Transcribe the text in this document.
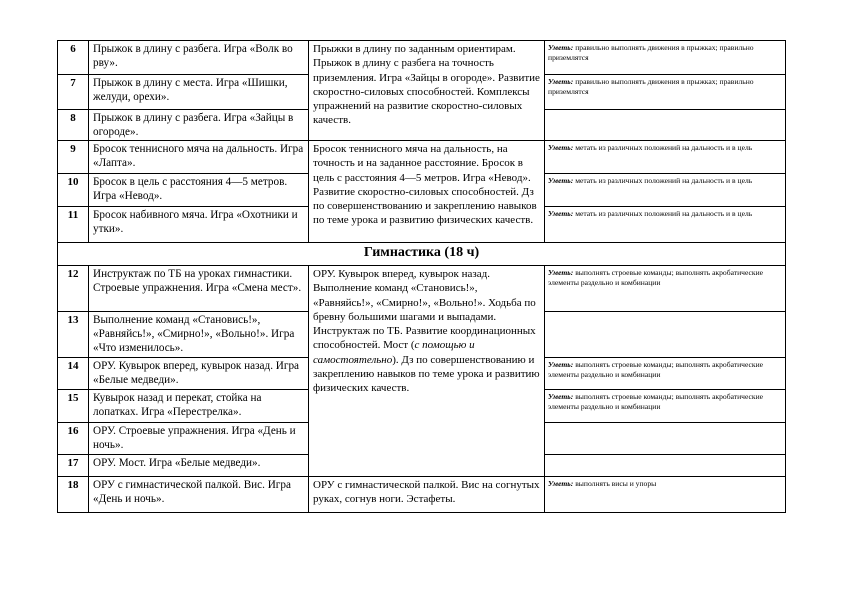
6	Прыжок в длину с разбега. Игра «Волк во рву».	Прыжки в длину по заданным ориентирам. Прыжок в длину с разбега на точность приземления. Игра «Зайцы в огороде». Развитие скоростно-силовых способностей. Комплексы упражнений на развитие скоростно-силовых качеств.	Уметь: правильно выполнять движения в прыжках; правильно приземлятся
7	Прыжок в длину с места. Игра «Шишки, желуди, орехи».		Уметь: правильно выполнять движения в прыжках; правильно приземлятся
8	Прыжок в длину с разбега. Игра «Зайцы в огороде».		
9	Бросок теннисного мяча на дальность. Игра «Лапта».	Бросок теннисного мяча на дальность, на точность и на заданное расстояние. Бросок в цель с расстояния 4—5 метров. Игра «Невод». Развитие скоростно-силовых способностей. Дз по совершенствованию и закреплению навыков по теме урока и развитию физических качеств.	Уметь: метать из различных положений на дальность и в цель
10	Бросок в цель с расстояния 4—5 метров. Игра «Невод».		Уметь: метать из различных положений на дальность и в цель
11	Бросок набивного мяча. Игра «Охотники и утки».		Уметь: метать из различных положений на дальность и в цель
Гимнастика (18 ч)			
12	Инструктаж по ТБ на уроках гимнастики. Строевые упражнения. Игра «Смена мест».	ОРУ. Кувырок вперед, кувырок назад. Выполнение команд «Становись!», «Равняйсь!», «Смирно!», «Вольно!». Ходьба по бревну большими шагами и выпадами. Инструктаж по ТБ. Развитие координационных способностей. Мост (с помощью и самостоятельно). Дз по совершенствованию и закреплению навыков по теме урока и развитию физических качеств.	Уметь: выполнять строевые команды; выполнять акробатические элементы раздельно и комбинации
13	Выполнение команд «Становись!», «Равняйсь!», «Смирно!», «Вольно!». Игра «Что изменилось».		
14	ОРУ. Кувырок вперед, кувырок назад. Игра «Белые медведи».		Уметь: выполнять строевые команды; выполнять акробатические элементы раздельно и комбинации
15	Кувырок назад и перекат, стойка на лопатках. Игра «Перестрелка».		Уметь: выполнять строевые команды; выполнять акробатические элементы раздельно и комбинации
16	ОРУ. Строевые упражнения. Игра «День и ночь».		
17	ОРУ. Мост. Игра «Белые медведи».		
18	ОРУ с гимнастической палкой. Вис. Игра «День и ночь».	ОРУ с гимнастической палкой. Вис на согнутых руках, согнув ноги. Эстафеты.	Уметь: выполнять висы и упоры
